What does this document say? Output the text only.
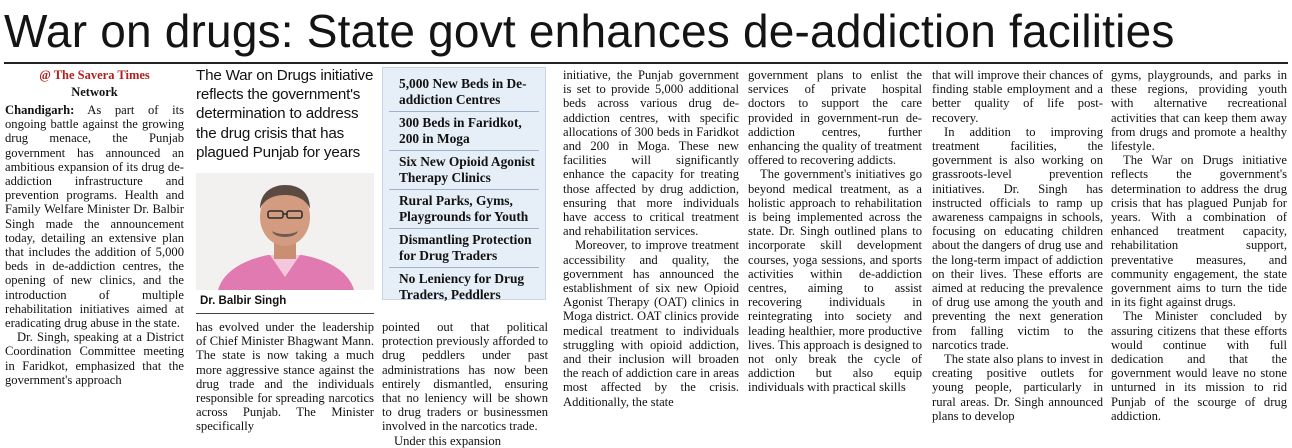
War on drugs: State govt enhances de-addiction facilities
@ The Savera Times
Network

Chandigarh: As part of its ongoing battle against the growing drug menace, the Punjab government has announced an ambitious expansion of its drug de-addiction infrastructure and prevention programs. Health and Family Welfare Minister Dr. Balbir Singh made the announcement today, detailing an extensive plan that includes the addition of 5,000 beds in de-addiction centres, the opening of new clinics, and the introduction of multiple rehabilitation initiatives aimed at eradicating drug abuse in the state.

Dr. Singh, speaking at a District Coordination Committee meeting in Faridkot, emphasized that the government's approach

The War on Drugs initiative reflects the government's determination to address the drug crisis that has plagued Punjab for years

Dr. Balbir Singh

has evolved under the leadership of Chief Minister Bhagwant Mann. The state is now taking a much more aggressive stance against the drug trade and the individuals responsible for spreading narcotics across Punjab. The Minister specifically

5,000 New Beds in De-addiction Centres
300 Beds in Faridkot, 200 in Moga
Six New Opioid Agonist Therapy Clinics
Rural Parks, Gyms, Playgrounds for Youth
Dismantling Protection for Drug Traders
No Leniency for Drug Traders, Peddlers

pointed out that political protection previously afforded to drug peddlers under past administrations has now been entirely dismantled, ensuring that no leniency will be shown to drug traders or businessmen involved in the narcotics trade.

Under this expansion

initiative, the Punjab government is set to provide 5,000 additional beds across various drug de-addiction centres, with specific allocations of 300 beds in Faridkot and 200 in Moga. These new facilities will significantly enhance the capacity for treating those affected by drug addiction, ensuring that more individuals have access to critical treatment and rehabilitation services.

Moreover, to improve treatment accessibility and quality, the government has announced the establishment of six new Opioid Agonist Therapy (OAT) clinics in Moga district. OAT clinics provide medical treatment to individuals struggling with opioid addiction, and their inclusion will broaden the reach of addiction care in areas most affected by the crisis. Additionally, the state

government plans to enlist the services of private hospital doctors to support the care provided in government-run de-addiction centres, further enhancing the quality of treatment offered to recovering addicts.

The government's initiatives go beyond medical treatment, as a holistic approach to rehabilitation is being implemented across the state. Dr. Singh outlined plans to incorporate skill development courses, yoga sessions, and sports activities within de-addiction centres, aiming to assist recovering individuals in reintegrating into society and leading healthier, more productive lives. This approach is designed to not only break the cycle of addiction but also equip individuals with practical skills

that will improve their chances of finding stable employment and a better quality of life post-recovery.

In addition to improving treatment facilities, the government is also working on grassroots-level prevention initiatives. Dr. Singh has instructed officials to ramp up awareness campaigns in schools, focusing on educating children about the dangers of drug use and the long-term impact of addiction on their lives. These efforts are aimed at reducing the prevalence of drug use among the youth and preventing the next generation from falling victim to the narcotics trade.

The state also plans to invest in creating positive outlets for young people, particularly in rural areas. Dr. Singh announced plans to develop

gyms, playgrounds, and parks in these regions, providing youth with alternative recreational activities that can keep them away from drugs and promote a healthy lifestyle.

The War on Drugs initiative reflects the government's determination to address the drug crisis that has plagued Punjab for years. With a combination of enhanced treatment capacity, rehabilitation support, preventative measures, and community engagement, the state government aims to turn the tide in its fight against drugs.

The Minister concluded by assuring citizens that these efforts would continue with full dedication and that the government would leave no stone unturned in its mission to rid Punjab of the scourge of drug addiction.
